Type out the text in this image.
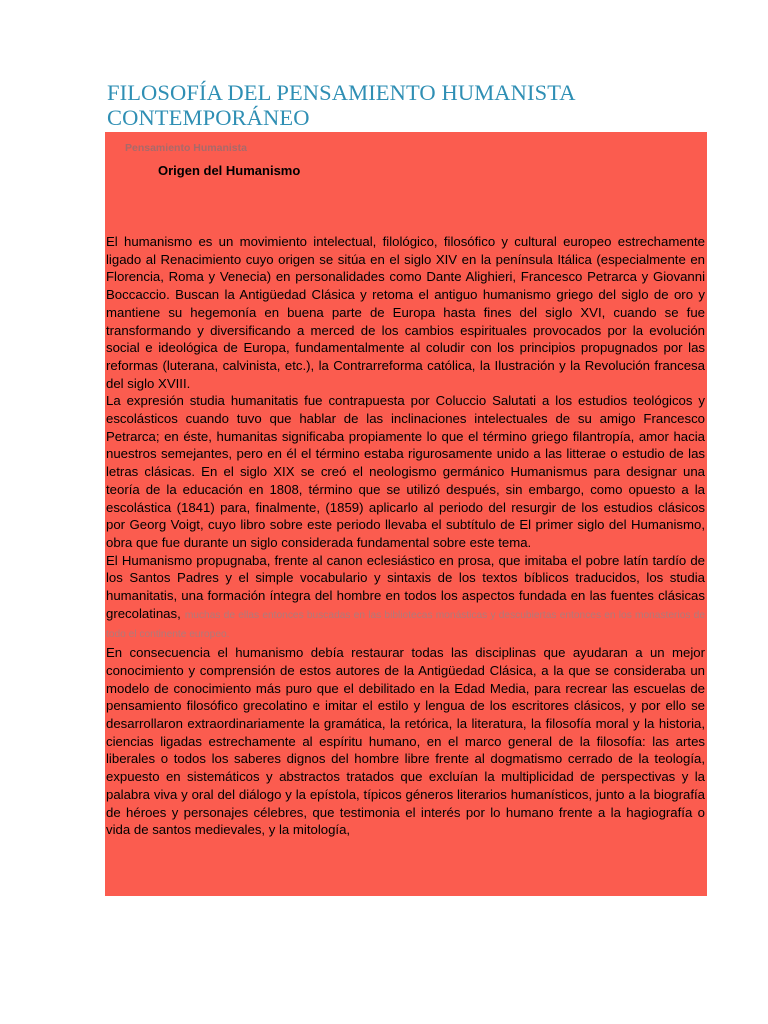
FILOSOFÍA DEL PENSAMIENTO HUMANISTA CONTEMPORÁNEO
Pensamiento Humanista
Origen del Humanismo

El humanismo es un movimiento intelectual, filológico, filosófico y cultural europeo estrechamente ligado al Renacimiento cuyo origen se sitúa en el siglo XIV en la península Itálica (especialmente en Florencia, Roma y Venecia) en personalidades como Dante Alighieri, Francesco Petrarca y Giovanni Boccaccio. Buscan la Antigüedad Clásica y retoma el antiguo humanismo griego del siglo de oro y mantiene su hegemonía en buena parte de Europa hasta fines del siglo XVI, cuando se fue transformando y diversificando a merced de los cambios espirituales provocados por la evolución social e ideológica de Europa, fundamentalmente al coludir con los principios propugnados por las reformas (luterana, calvinista, etc.), la Contrarreforma católica, la Ilustración y la Revolución francesa del siglo XVIII.

La expresión studia humanitatis fue contrapuesta por Coluccio Salutati a los estudios teológicos y escolásticos cuando tuvo que hablar de las inclinaciones intelectuales de su amigo Francesco Petrarca; en éste, humanitas significaba propiamente lo que el término griego filantropía, amor hacia nuestros semejantes, pero en él el término estaba rigurosamente unido a las litterae o estudio de las letras clásicas. En el siglo XIX se creó el neologismo germánico Humanismus para designar una teoría de la educación en 1808, término que se utilizó después, sin embargo, como opuesto a la escolástica (1841) para, finalmente, (1859) aplicarlo al periodo del resurgir de los estudios clásicos por Georg Voigt, cuyo libro sobre este periodo llevaba el subtítulo de El primer siglo del Humanismo, obra que fue durante un siglo considerada fundamental sobre este tema.

El Humanismo propugnaba, frente al canon eclesiástico en prosa, que imitaba el pobre latín tardío de los Santos Padres y el simple vocabulario y sintaxis de los textos bíblicos traducidos, los studia humanitatis, una formación íntegra del hombre en todos los aspectos fundada en las fuentes clásicas grecolatinas, muchas de ellas entonces buscadas en las bibliotecas monásticas y descubiertas entonces en los monasterios de todo el continente europeo.

En consecuencia el humanismo debía restaurar todas las disciplinas que ayudaran a un mejor conocimiento y comprensión de estos autores de la Antigüedad Clásica, a la que se consideraba un modelo de conocimiento más puro que el debilitado en la Edad Media, para recrear las escuelas de pensamiento filosófico grecolatino e imitar el estilo y lengua de los escritores clásicos, y por ello se desarrollaron extraordinariamente la gramática, la retórica, la literatura, la filosofía moral y la historia, ciencias ligadas estrechamente al espíritu humano, en el marco general de la filosofía: las artes liberales o todos los saberes dignos del hombre libre frente al dogmatismo cerrado de la teología, expuesto en sistemáticos y abstractos tratados que excluían la multiplicidad de perspectivas y la palabra viva y oral del diálogo y la epístola, típicos géneros literarios humanísticos, junto a la biografía de héroes y personajes célebres, que testimonia el interés por lo humano frente a la hagiografía o vida de santos medievales, y la mitología,
